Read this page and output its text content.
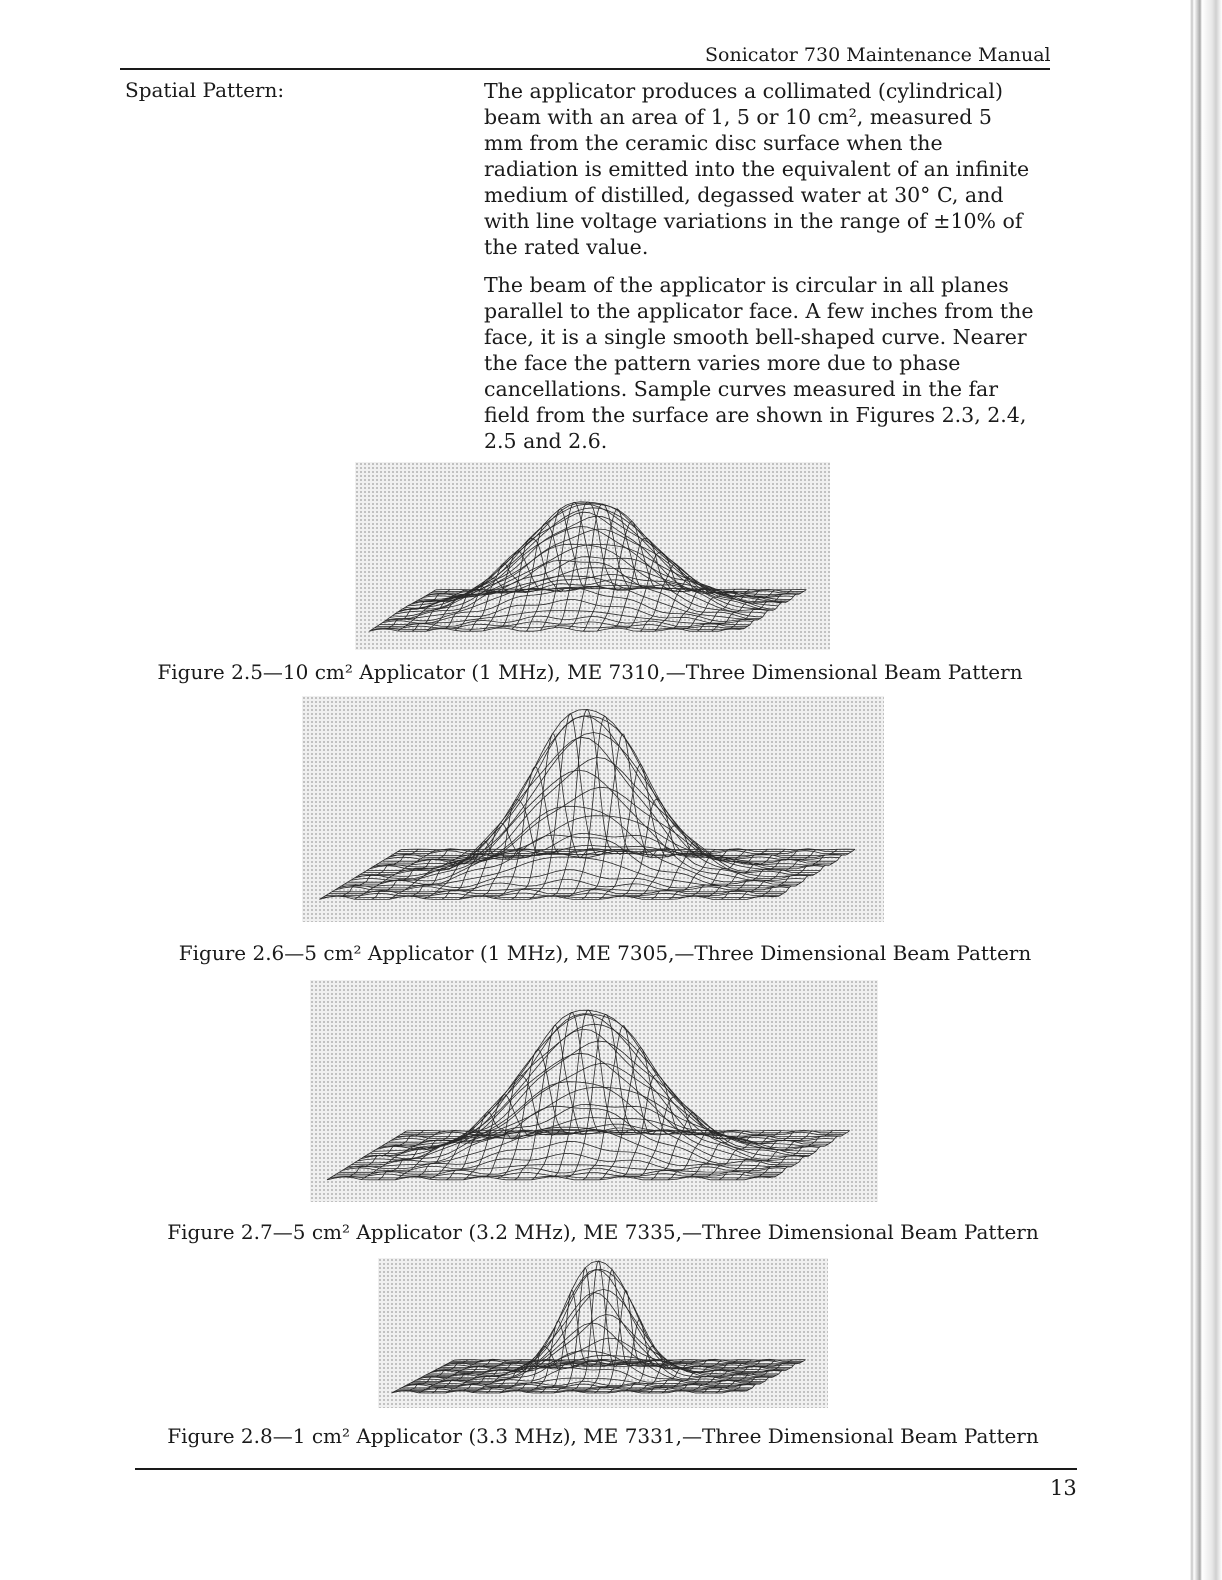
Sonicator 730 Maintenance Manual
Spatial Pattern:	The applicator produces a collimated (cylindrical)
beam with an area of 1, 5 or 10 cm², measured 5
mm from the ceramic disc surface when the
radiation is emitted into the equivalent of an infinite
medium of distilled, degassed water at 30° C, and
with line voltage variations in the range of ±10% of
the rated value.

The beam of the applicator is circular in all planes
parallel to the applicator face. A few inches from the
face, it is a single smooth bell-shaped curve. Nearer
the face the pattern varies more due to phase
cancellations. Sample curves measured in the far
field from the surface are shown in Figures 2.3, 2.4,
2.5 and 2.6.

Figure 2.5—10 cm² Applicator (1 MHz), ME 7310,—Three Dimensional Beam Pattern
Figure 2.6—5 cm² Applicator (1 MHz), ME 7305,—Three Dimensional Beam Pattern
Figure 2.7—5 cm² Applicator (3.2 MHz), ME 7335,—Three Dimensional Beam Pattern
Figure 2.8—1 cm² Applicator (3.3 MHz), ME 7331,—Three Dimensional Beam Pattern
13
